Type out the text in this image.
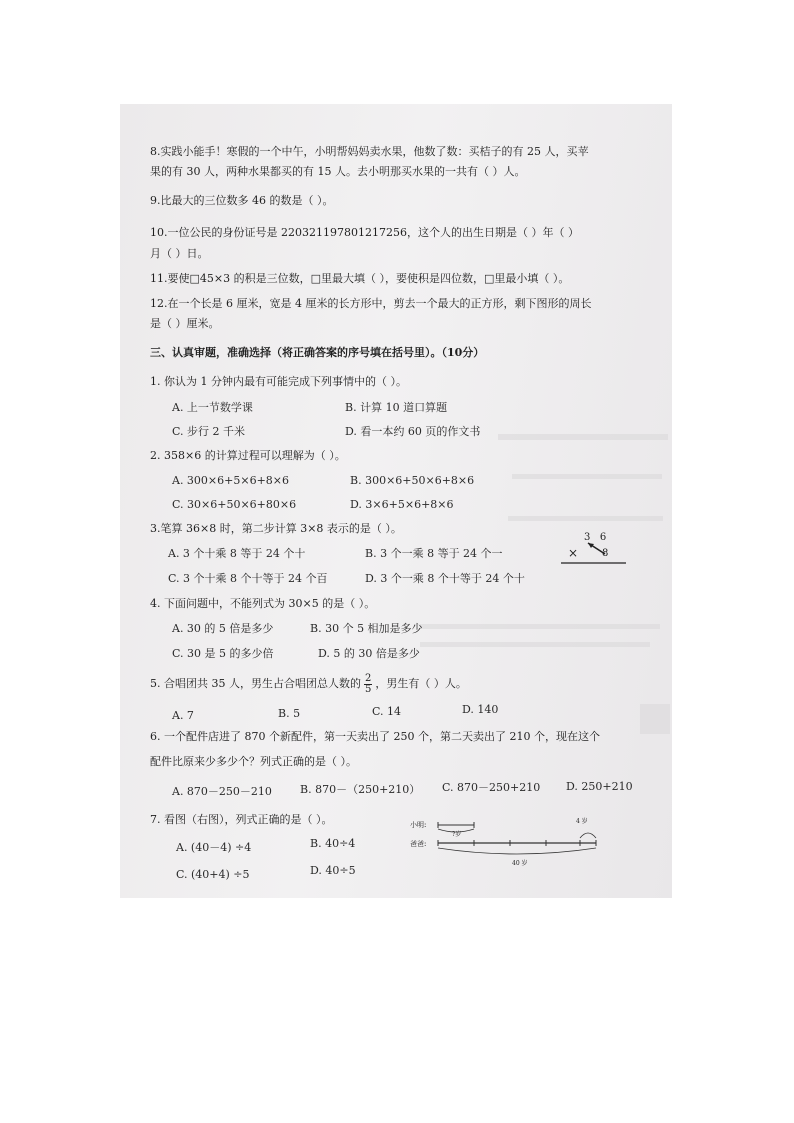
8.实践小能手！寒假的一个中午，小明帮妈妈卖水果，他数了数：买桔子的有 25 人，买苹
果的有 30 人，两种水果都买的有 15 人。去小明那买水果的一共有（ ）人。
9.比最大的三位数多 46 的数是（ ）。
10.一位公民的身份证号是 220321197801217256，这个人的出生日期是（ ）年（ ）
月（ ）日。
11.要使□45×3 的积是三位数，□里最大填（ ），要使积是四位数，□里最小填（ ）。
12.在一个长是 6 厘米，宽是 4 厘米的长方形中，剪去一个最大的正方形，剩下图形的周长
是（ ）厘米。
三、认真审题，准确选择（将正确答案的序号填在括号里）。（10分）
1. 你认为 1 分钟内最有可能完成下列事情中的（ ）。
A. 上一节数学课	B. 计算 10 道口算题
C. 步行 2 千米	D. 看一本约 60 页的作文书
2. 358×6 的计算过程可以理解为（ ）。
A. 300×6+5×6+8×6	B. 300×6+50×6+8×6
C. 30×6+50×6+80×6	D. 3×6+5×6+8×6
3.笔算 36×8 时，第二步计算 3×8 表示的是（ ）。
A. 3 个十乘 8 等于 24 个十	B. 3 个一乘 8 等于 24 个一
C. 3 个十乘 8 个十等于 24 个百	D. 3 个一乘 8 个十等于 24 个十
3   6
× 8
4. 下面问题中，不能列式为 30×5 的是（ ）。
A. 30 的 5 倍是多少	B. 30 个 5 相加是多少
C. 30 是 5 的多少倍	D. 5 的 30 倍是多少
5. 合唱团共 35 人，男生占合唱团总人数的 $\frac{2}{5}$ ，男生有（ ）人。
A. 7	B. 5	C. 14	D. 140
6. 一个配件店进了 870 个新配件，第一天卖出了 250 个，第二天卖出了 210 个，现在这个
配件比原来少多少个？列式正确的是（ ）。
A. 870－250－210	B. 870－（250+210） C. 870－250+210 D. 250+210
7. 看图（右图），列式正确的是（ ）。
A. (40－4) ÷4	B. 40÷4
C. (40+4) ÷5	D. 40÷5
小明:
爸爸:
?岁
4 岁
40 岁
